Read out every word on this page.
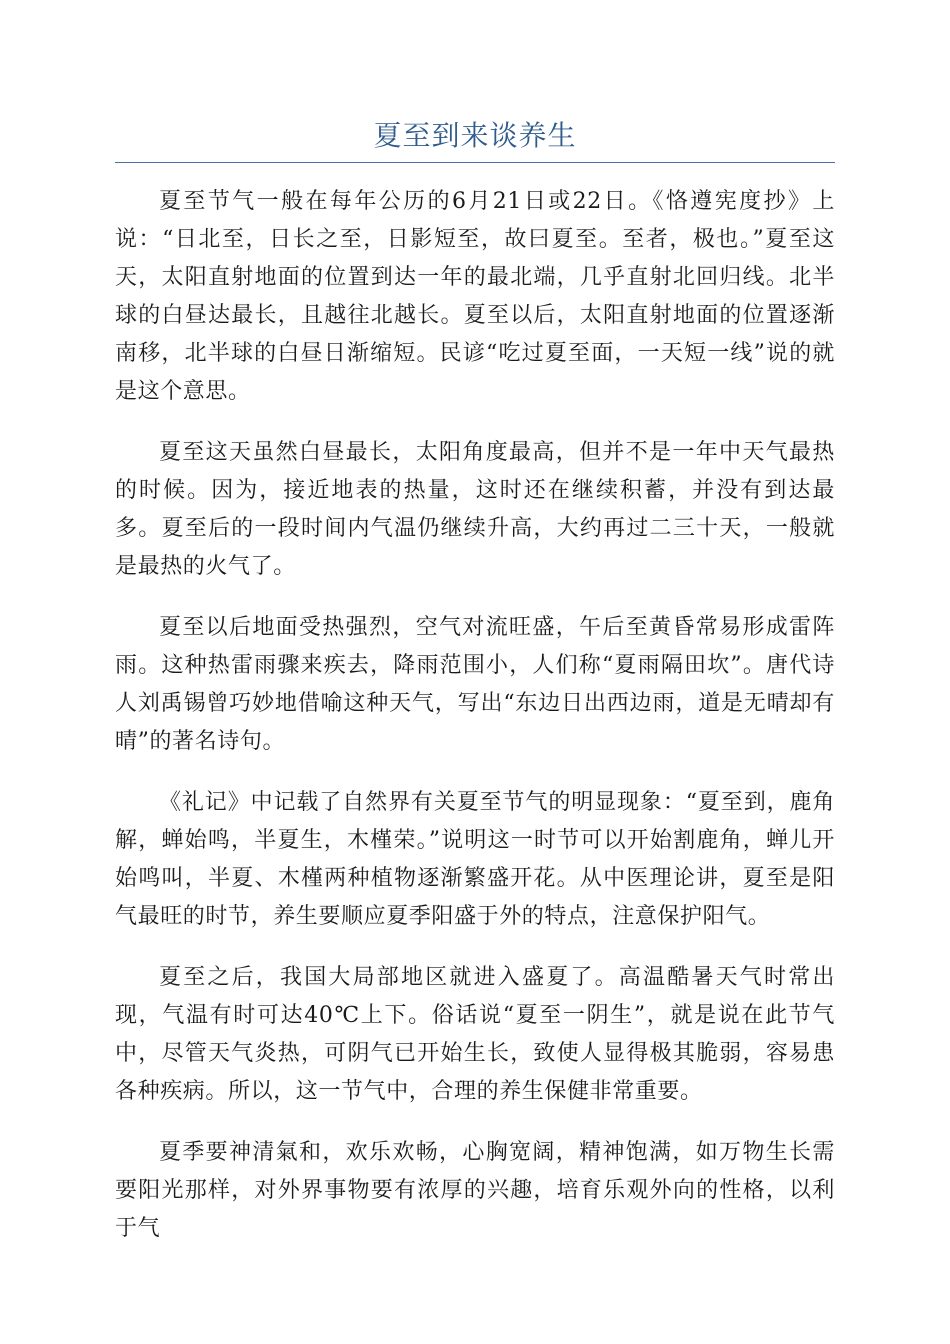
夏至到来谈养生

夏至节气一般在每年公历的6月21日或22日。《恪遵宪度抄》上说：“日北至，日长之至，日影短至，故曰夏至。至者，极也。”夏至这天，太阳直射地面的位置到达一年的最北端，几乎直射北回归线。北半球的白昼达最长，且越往北越长。夏至以后，太阳直射地面的位置逐渐南移，北半球的白昼日渐缩短。民谚“吃过夏至面，一天短一线”说的就是这个意思。

夏至这天虽然白昼最长，太阳角度最高，但并不是一年中天气最热的时候。因为，接近地表的热量，这时还在继续积蓄，并没有到达最多。夏至后的一段时间内气温仍继续升高，大约再过二三十天，一般就是最热的火气了。

夏至以后地面受热强烈，空气对流旺盛，午后至黄昏常易形成雷阵雨。这种热雷雨骤来疾去，降雨范围小，人们称“夏雨隔田坎”。唐代诗人刘禹锡曾巧妙地借喻这种天气，写出“东边日出西边雨，道是无晴却有晴”的著名诗句。

《礼记》中记载了自然界有关夏至节气的明显现象：“夏至到，鹿角解，蝉始鸣，半夏生，木槿荣。”说明这一时节可以开始割鹿角，蝉儿开始鸣叫，半夏、木槿两种植物逐渐繁盛开花。从中医理论讲，夏至是阳气最旺的时节，养生要顺应夏季阳盛于外的特点，注意保护阳气。

夏至之后，我国大局部地区就进入盛夏了。高温酷暑天气时常出现，气温有时可达40℃上下。俗话说“夏至一阴生”，就是说在此节气中，尽管天气炎热，可阴气已开始生长，致使人显得极其脆弱，容易患各种疾病。所以，这一节气中，合理的养生保健非常重要。

夏季要神清氣和，欢乐欢畅，心胸宽阔，精神饱满，如万物生长需要阳光那样，对外界事物要有浓厚的兴趣，培育乐观外向的性格，以利于气
